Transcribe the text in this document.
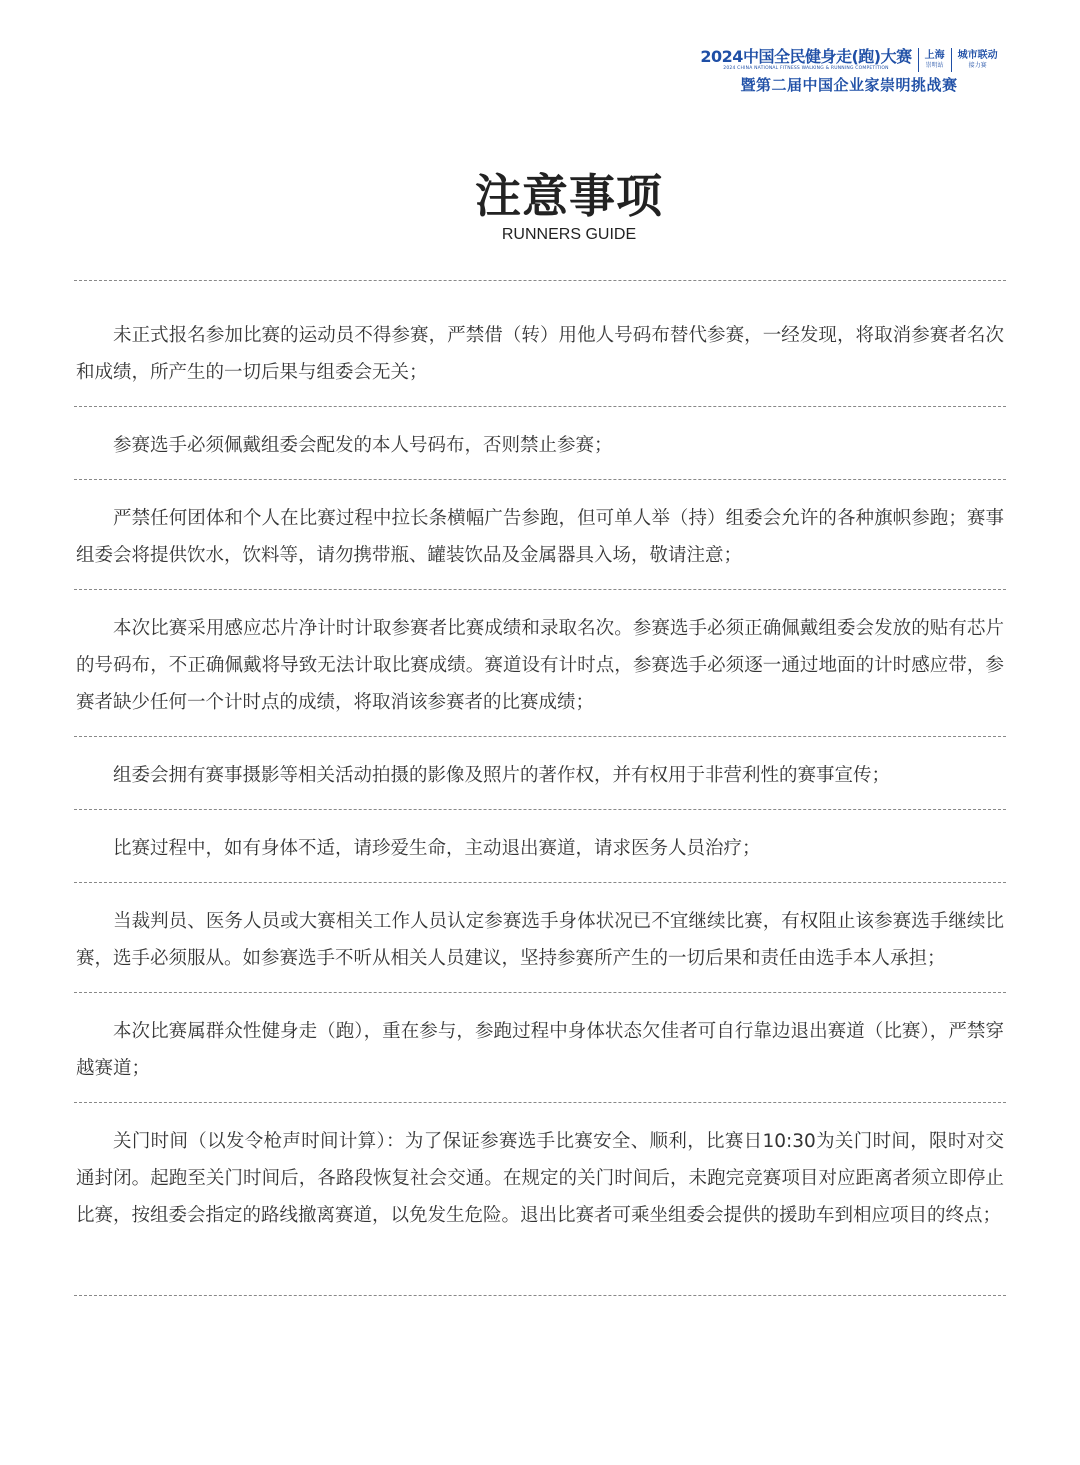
2024中国全民健身走(跑)大赛
2024 CHINA NATIONAL FITNESS WALKING & RUNNING COMPETITION
上海
崇明站
城市联动
接力赛
暨第二届中国企业家崇明挑战赛
注意事项
RUNNERS GUIDE
未正式报名参加比赛的运动员不得参赛，严禁借（转）用他人号码布替代参赛，一经发现，将取消参赛者名次和成绩，所产生的一切后果与组委会无关；
参赛选手必须佩戴组委会配发的本人号码布，否则禁止参赛；
严禁任何团体和个人在比赛过程中拉长条横幅广告参跑，但可单人举（持）组委会允许的各种旗帜参跑；赛事组委会将提供饮水，饮料等，请勿携带瓶、罐装饮品及金属器具入场，敬请注意；
本次比赛采用感应芯片净计时计取参赛者比赛成绩和录取名次。参赛选手必须正确佩戴组委会发放的贴有芯片的号码布，不正确佩戴将导致无法计取比赛成绩。赛道设有计时点，参赛选手必须逐一通过地面的计时感应带，参赛者缺少任何一个计时点的成绩，将取消该参赛者的比赛成绩；
组委会拥有赛事摄影等相关活动拍摄的影像及照片的著作权，并有权用于非营利性的赛事宣传；
比赛过程中，如有身体不适，请珍爱生命，主动退出赛道，请求医务人员治疗；
当裁判员、医务人员或大赛相关工作人员认定参赛选手身体状况已不宜继续比赛，有权阻止该参赛选手继续比赛，选手必须服从。如参赛选手不听从相关人员建议，坚持参赛所产生的一切后果和责任由选手本人承担；
本次比赛属群众性健身走（跑），重在参与，参跑过程中身体状态欠佳者可自行靠边退出赛道（比赛），严禁穿越赛道；
关门时间（以发令枪声时间计算）：为了保证参赛选手比赛安全、顺利，比赛日10:30为关门时间，限时对交通封闭。起跑至关门时间后，各路段恢复社会交通。在规定的关门时间后，未跑完竞赛项目对应距离者须立即停止比赛，按组委会指定的路线撤离赛道，以免发生危险。退出比赛者可乘坐组委会提供的援助车到相应项目的终点；
